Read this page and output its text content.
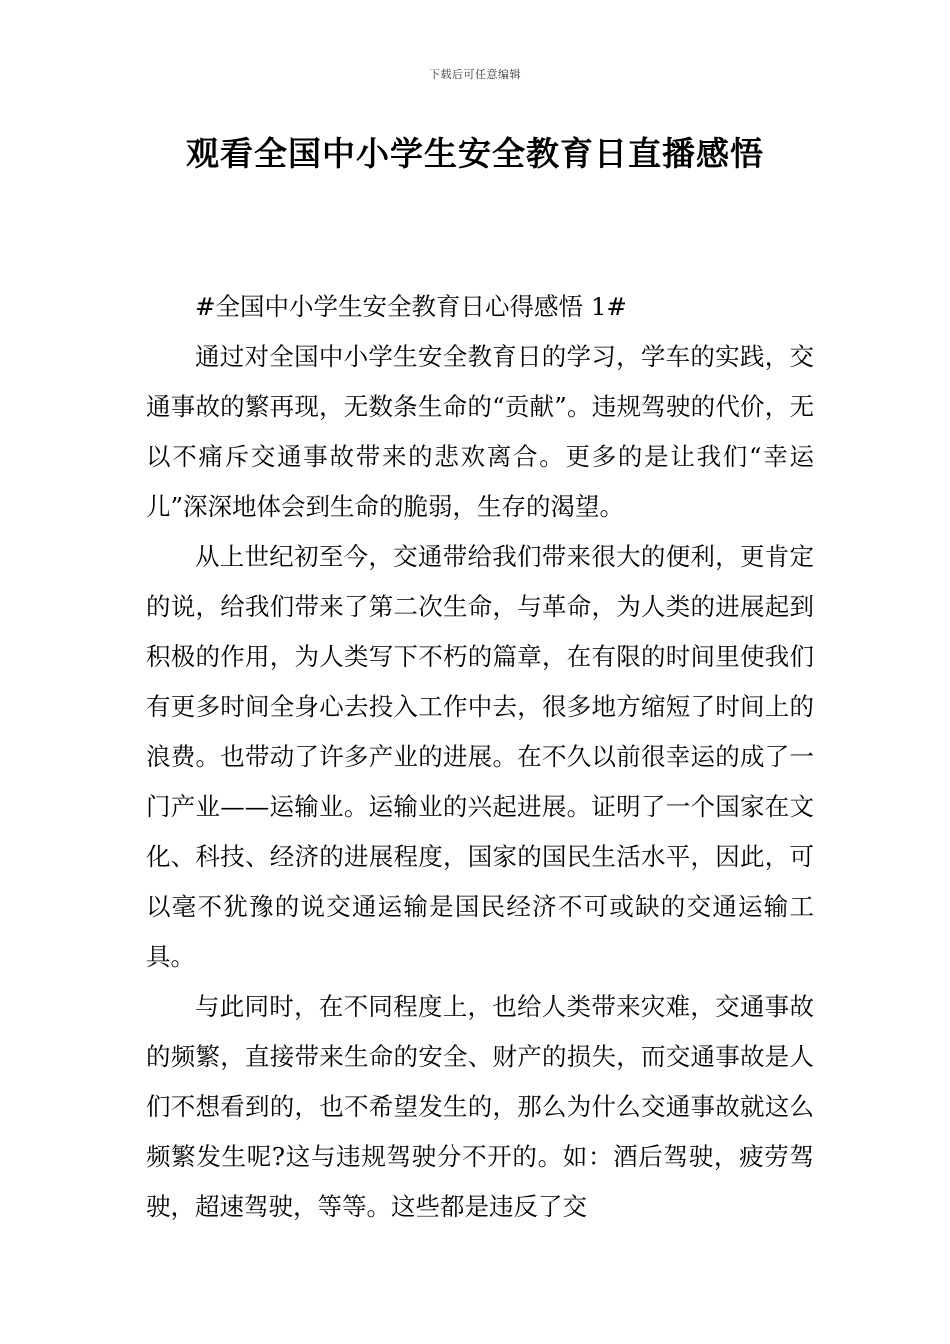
下载后可任意编辑
观看全国中小学生安全教育日直播感悟

#全国中小学生安全教育日心得感悟 1#

通过对全国中小学生安全教育日的学习，学车的实践，交通事故的繁再现，无数条生命的“贡献”。违规驾驶的代价，无以不痛斥交通事故带来的悲欢离合。更多的是让我们“幸运儿”深深地体会到生命的脆弱，生存的渴望。

从上世纪初至今，交通带给我们带来很大的便利，更肯定的说，给我们带来了第二次生命，与革命，为人类的进展起到积极的作用，为人类写下不朽的篇章，在有限的时间里使我们有更多时间全身心去投入工作中去，很多地方缩短了时间上的浪费。也带动了许多产业的进展。在不久以前很幸运的成了一门产业——运输业。运输业的兴起进展。证明了一个国家在文化、科技、经济的进展程度，国家的国民生活水平，因此，可以毫不犹豫的说交通运输是国民经济不可或缺的交通运输工具。

与此同时，在不同程度上，也给人类带来灾难，交通事故的频繁，直接带来生命的安全、财产的损失，而交通事故是人们不想看到的，也不希望发生的，那么为什么交通事故就这么频繁发生呢?这与违规驾驶分不开的。如：酒后驾驶，疲劳驾驶，超速驾驶，等等。这些都是违反了交
